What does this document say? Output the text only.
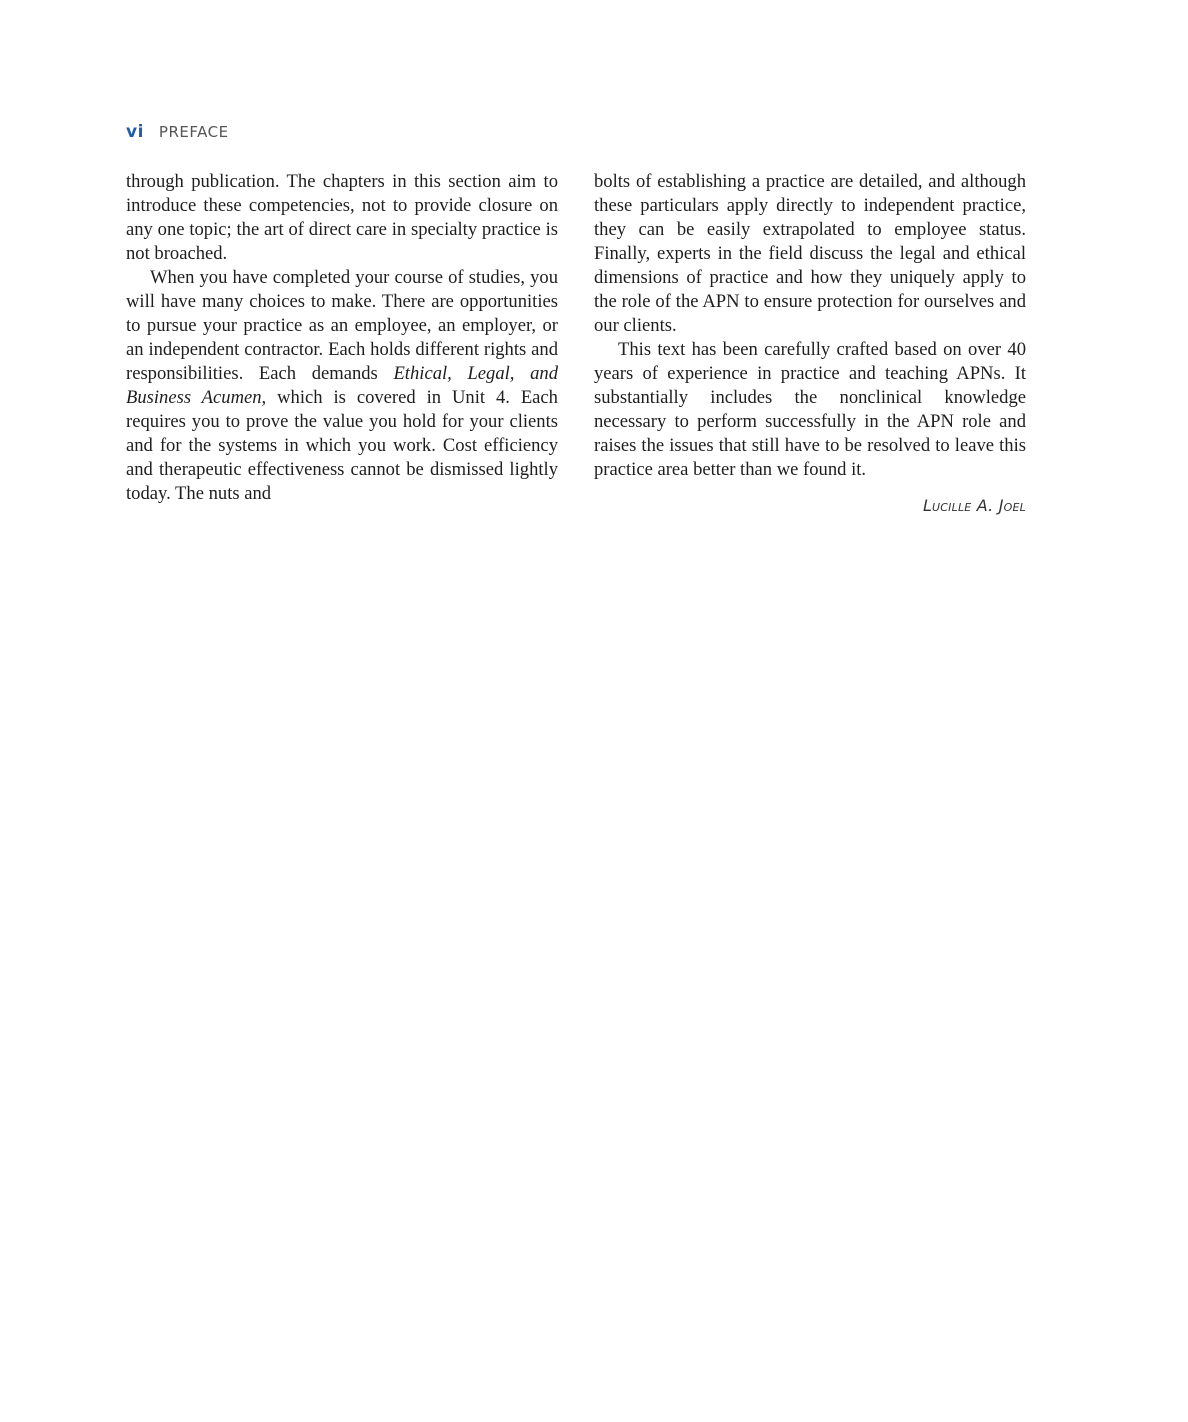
vi PREFACE

through publication. The chapters in this section aim to introduce these competencies, not to provide closure on any one topic; the art of direct care in specialty practice is not broached.

When you have completed your course of studies, you will have many choices to make. There are opportunities to pursue your practice as an employee, an employer, or an independent contractor. Each holds different rights and responsibilities. Each demands Ethical, Legal, and Business Acumen, which is covered in Unit 4. Each requires you to prove the value you hold for your clients and for the systems in which you work. Cost efficiency and therapeutic effectiveness cannot be dismissed lightly today. The nuts and

bolts of establishing a practice are detailed, and although these particulars apply directly to independent practice, they can be easily extrapolated to employee status. Finally, experts in the field discuss the legal and ethical dimensions of practice and how they uniquely apply to the role of the APN to ensure protection for ourselves and our clients.

This text has been carefully crafted based on over 40 years of experience in practice and teaching APNs. It substantially includes the nonclinical knowledge necessary to perform successfully in the APN role and raises the issues that still have to be resolved to leave this practice area better than we found it.

Lucille A. Joel
